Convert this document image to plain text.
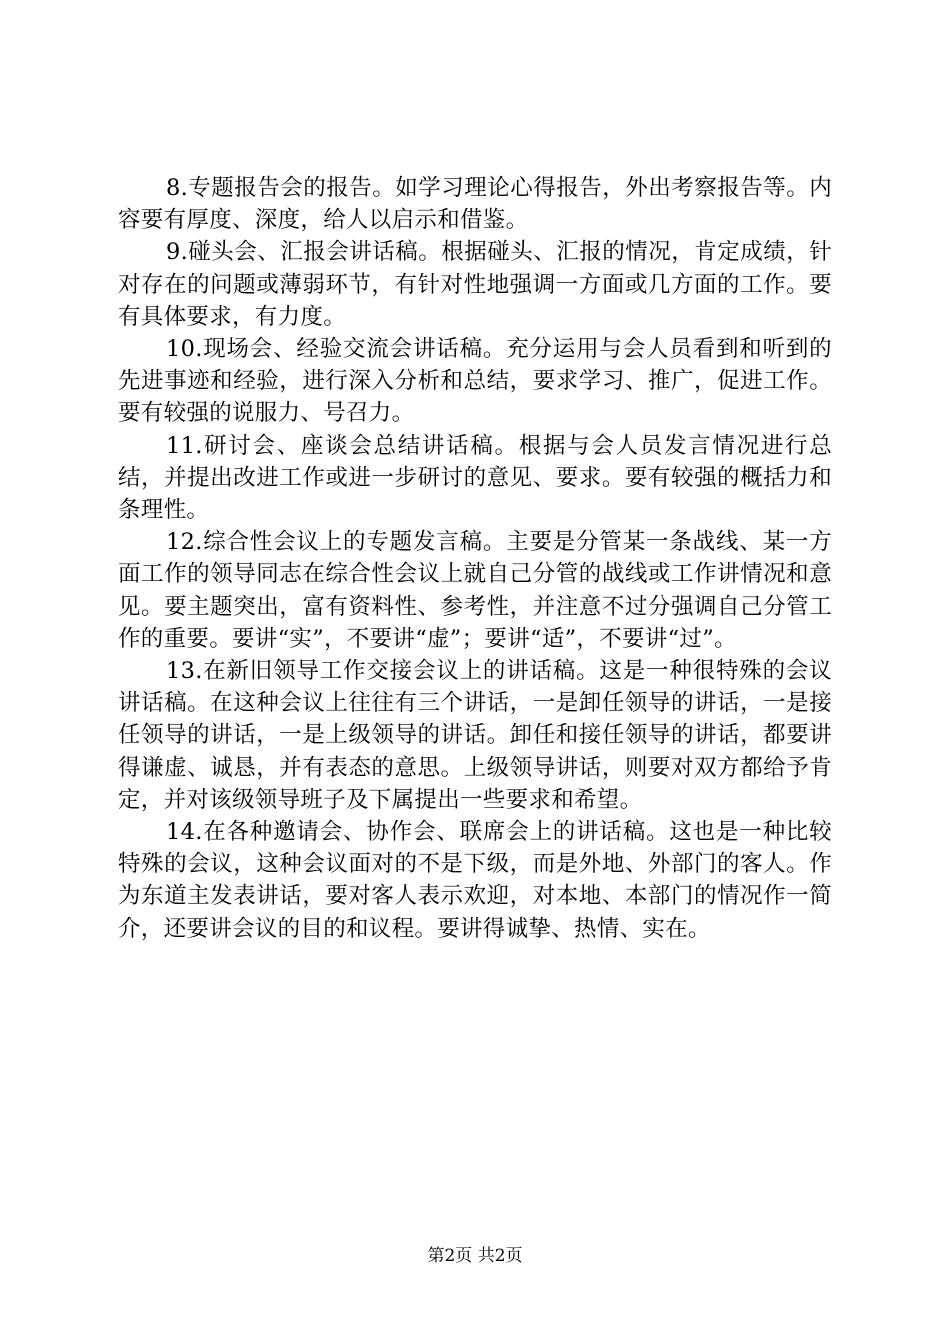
8.专题报告会的报告。如学习理论心得报告，外出考察报告等。内容要有厚度、深度，给人以启示和借鉴。

9.碰头会、汇报会讲话稿。根据碰头、汇报的情况，肯定成绩，针对存在的问题或薄弱环节，有针对性地强调一方面或几方面的工作。要有具体要求，有力度。

10.现场会、经验交流会讲话稿。充分运用与会人员看到和听到的先进事迹和经验，进行深入分析和总结，要求学习、推广，促进工作。要有较强的说服力、号召力。

11.研讨会、座谈会总结讲话稿。根据与会人员发言情况进行总结，并提出改进工作或进一步研讨的意见、要求。要有较强的概括力和条理性。

12.综合性会议上的专题发言稿。主要是分管某一条战线、某一方面工作的领导同志在综合性会议上就自己分管的战线或工作讲情况和意见。要主题突出，富有资料性、参考性，并注意不过分强调自己分管工作的重要。要讲“实”，不要讲“虚”；要讲“适”，不要讲“过”。

13.在新旧领导工作交接会议上的讲话稿。这是一种很特殊的会议讲话稿。在这种会议上往往有三个讲话，一是卸任领导的讲话，一是接任领导的讲话，一是上级领导的讲话。卸任和接任领导的讲话，都要讲得谦虚、诚恳，并有表态的意思。上级领导讲话，则要对双方都给予肯定，并对该级领导班子及下属提出一些要求和希望。

14.在各种邀请会、协作会、联席会上的讲话稿。这也是一种比较特殊的会议，这种会议面对的不是下级，而是外地、外部门的客人。作为东道主发表讲话，要对客人表示欢迎，对本地、本部门的情况作一简介，还要讲会议的目的和议程。要讲得诚挚、热情、实在。

第2页 共2页
